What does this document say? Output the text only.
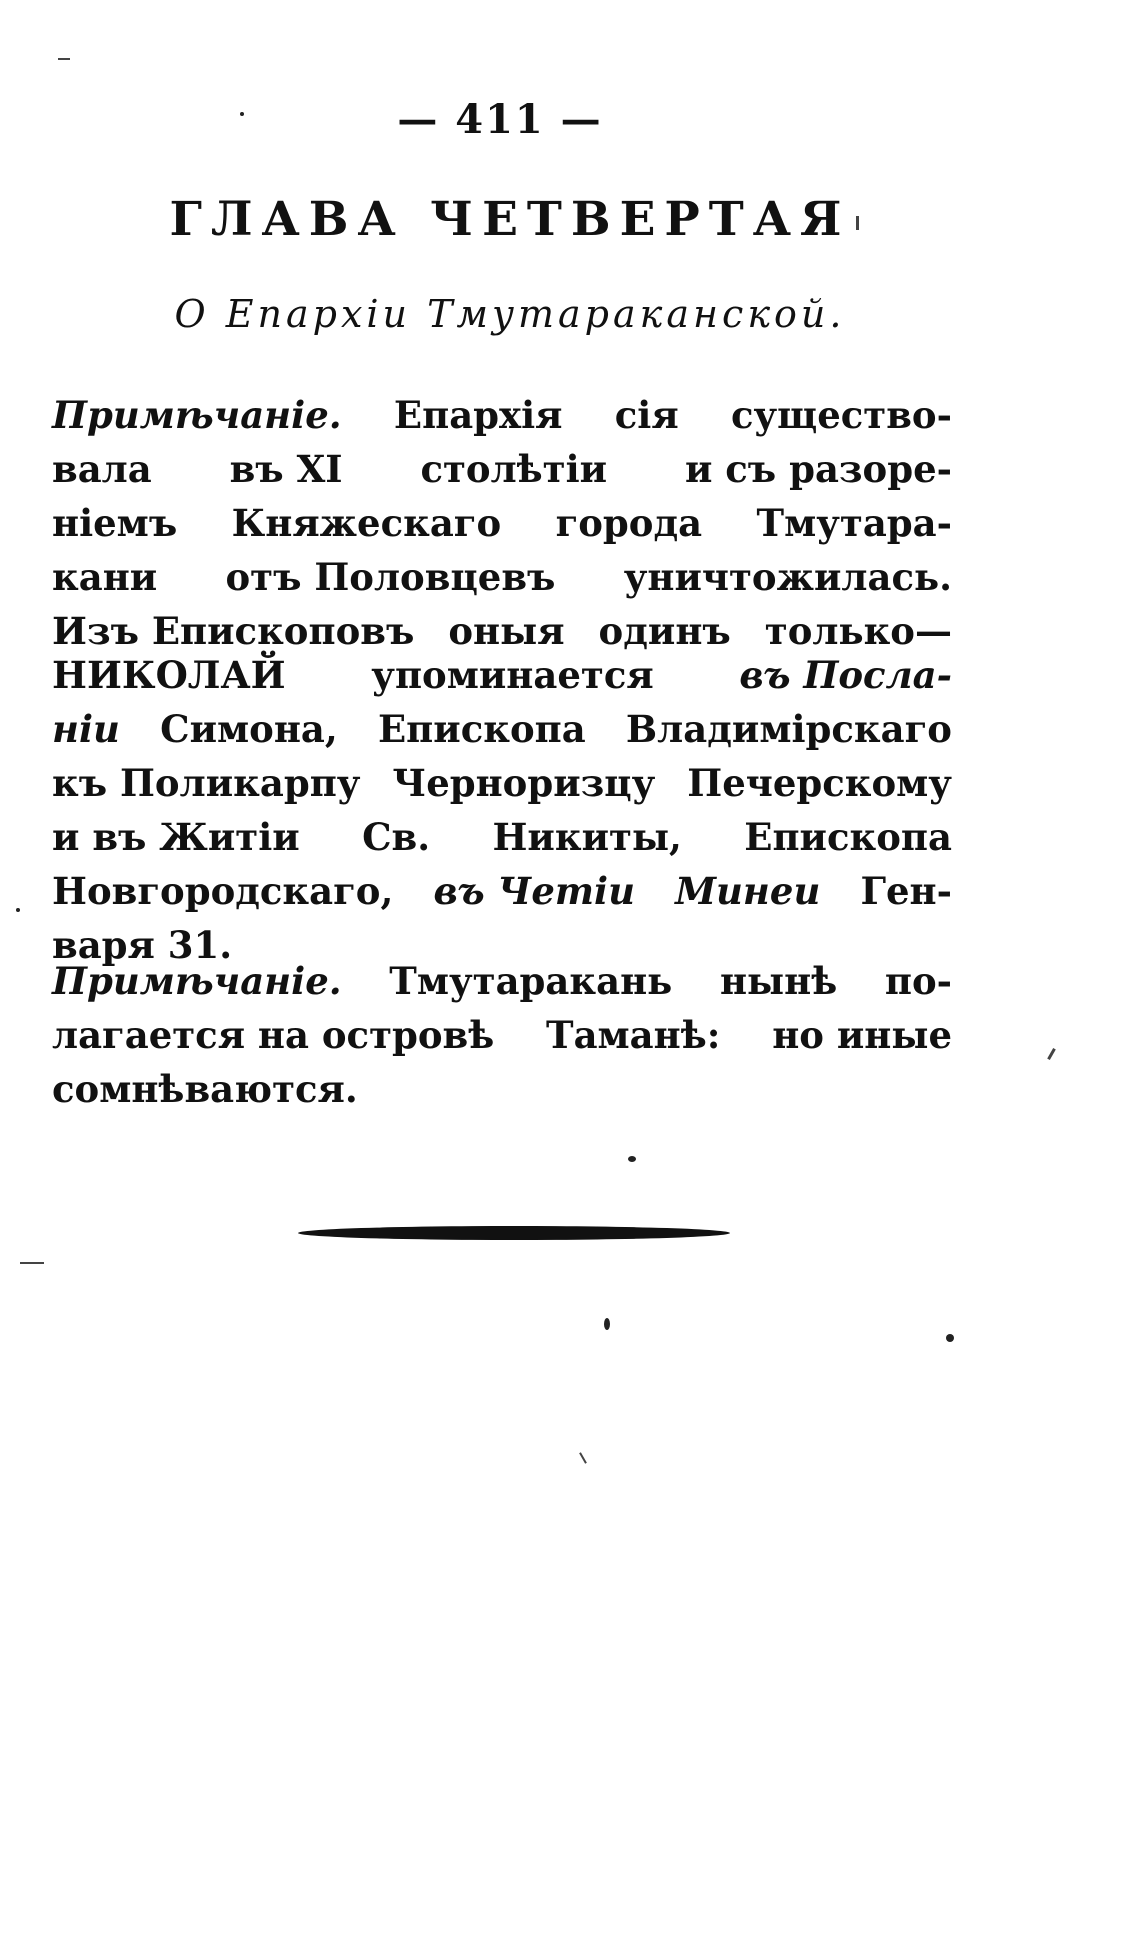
— 411 —
ГЛАВА ЧЕТВЕРТАЯ
О Епархiи Тмутараканской.
Примѣчанiе. Епархiя сiя существо-
вала въ XI столѣтiи и съ разоре-
нiемъ Княжескаго города Тмутара-
кани отъ Половцевъ уничтожилась.
Изъ Епископовъ оныя одинъ только—
НИКОЛАЙ упоминается въ Посла-
нiи Симона, Епископа Владимiрскаго
къ Поликарпу Черноризцу Печерскому
и въ Житiи Св. Никиты, Епископа
Новгородскаго, въ Четiи Минеи Ген-
варя 31.
Примѣчанiе. Тмутаракань нынѣ по-
лагается на островѣ Таманѣ: но иные
сомнѣваются.
